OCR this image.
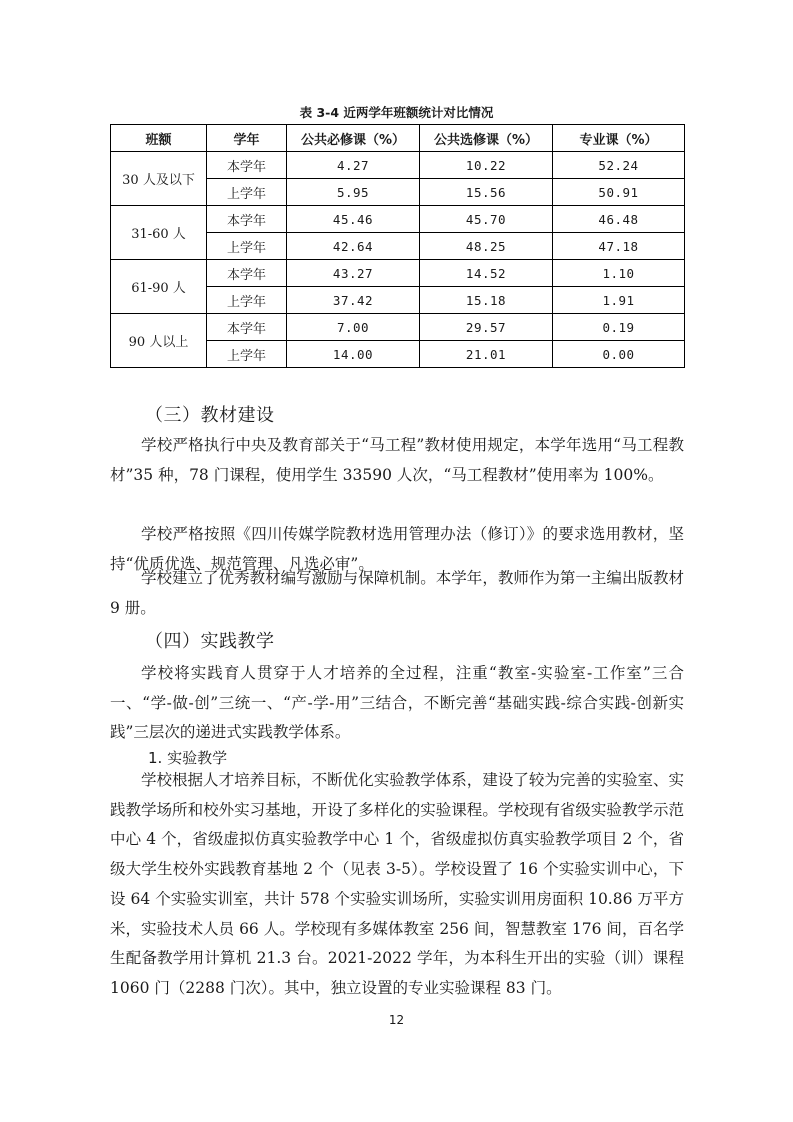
表 3-4 近两学年班额统计对比情况
班额	学年	公共必修课（%）	公共选修课（%）	专业课（%）
30 人及以下	本学年	4.27	10.22	52.24
	上学年	5.95	15.56	50.91
31-60 人	本学年	45.46	45.70	46.48
	上学年	42.64	48.25	47.18
61-90 人	本学年	43.27	14.52	1.10
	上学年	37.42	15.18	1.91
90 人以上	本学年	7.00	29.57	0.19
	上学年	14.00	21.01	0.00
（三）教材建设

学校严格执行中央及教育部关于“马工程”教材使用规定，本学年选用“马工程教材”35 种，78 门课程，使用学生 33590 人次，“马工程教材”使用率为 100%。

学校严格按照《四川传媒学院教材选用管理办法（修订）》的要求选用教材，坚持“优质优选、规范管理、凡选必审”。

学校建立了优秀教材编写激励与保障机制。本学年，教师作为第一主编出版教材 9 册。

（四）实践教学

学校将实践育人贯穿于人才培养的全过程，注重“教室-实验室-工作室”三合一、“学-做-创”三统一、“产-学-用”三结合，不断完善“基础实践-综合实践-创新实践”三层次的递进式实践教学体系。

1. 实验教学

学校根据人才培养目标，不断优化实验教学体系，建设了较为完善的实验室、实践教学场所和校外实习基地，开设了多样化的实验课程。学校现有省级实验教学示范中心 4 个，省级虚拟仿真实验教学中心 1 个，省级虚拟仿真实验教学项目 2 个，省级大学生校外实践教育基地 2 个（见表 3-5）。学校设置了 16 个实验实训中心，下设 64 个实验实训室，共计 578 个实验实训场所，实验实训用房面积 10.86 万平方米，实验技术人员 66 人。学校现有多媒体教室 256 间，智慧教室 176 间，百名学生配备教学用计算机 21.3 台。2021-2022 学年，为本科生开出的实验（训）课程 1060 门（2288 门次）。其中，独立设置的专业实验课程 83 门。

12
